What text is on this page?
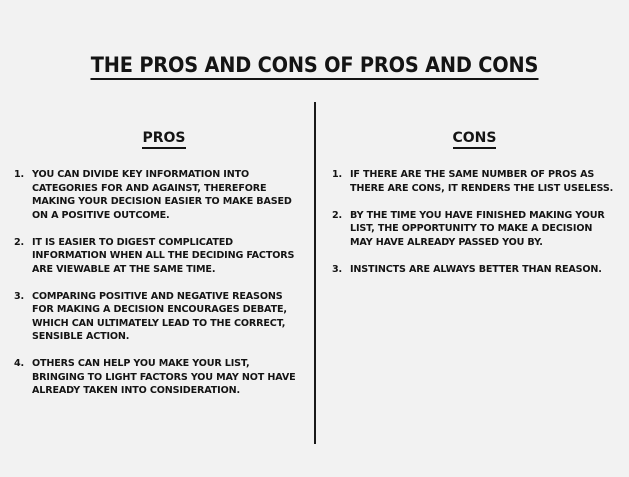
THE PROS AND CONS OF PROS AND CONS
PROS
1. YOU CAN DIVIDE KEY INFORMATION INTO CATEGORIES FOR AND AGAINST, THEREFORE MAKING YOUR DECISION EASIER TO MAKE BASED ON A POSITIVE OUTCOME.
2. IT IS EASIER TO DIGEST COMPLICATED INFORMATION WHEN ALL THE DECIDING FACTORS ARE VIEWABLE AT THE SAME TIME.
3. COMPARING POSITIVE AND NEGATIVE REASONS FOR MAKING A DECISION ENCOURAGES DEBATE, WHICH CAN ULTIMATELY LEAD TO THE CORRECT, SENSIBLE ACTION.
4. OTHERS CAN HELP YOU MAKE YOUR LIST, BRINGING TO LIGHT FACTORS YOU MAY NOT HAVE ALREADY TAKEN INTO CONSIDERATION.
CONS
1. IF THERE ARE THE SAME NUMBER OF PROS AS THERE ARE CONS, IT RENDERS THE LIST USELESS.
2. BY THE TIME YOU HAVE FINISHED MAKING YOUR LIST, THE OPPORTUNITY TO MAKE A DECISION MAY HAVE ALREADY PASSED YOU BY.
3. INSTINCTS ARE ALWAYS BETTER THAN REASON.
